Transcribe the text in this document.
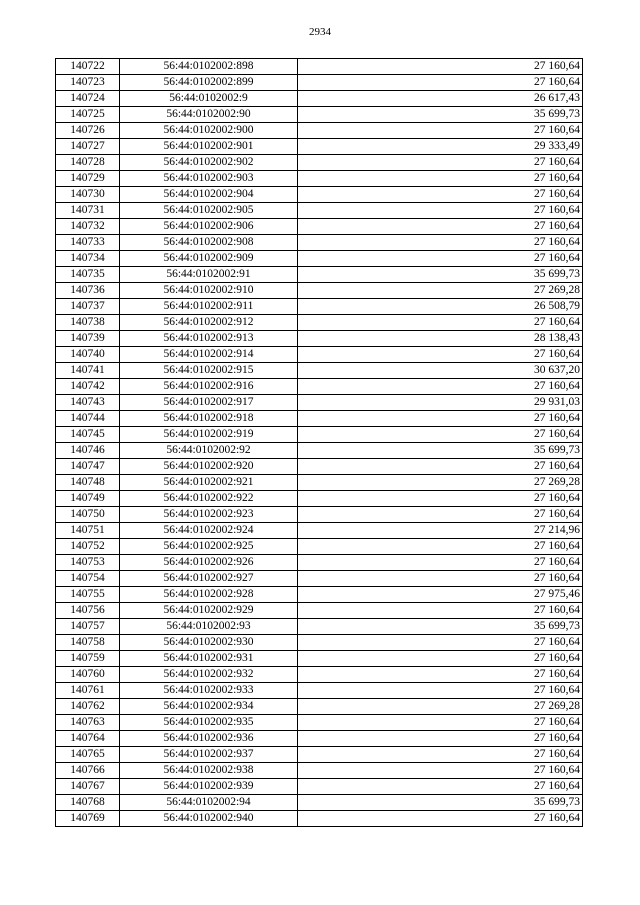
2934
140722	56:44:0102002:898	27 160,64
140723	56:44:0102002:899	27 160,64
140724	56:44:0102002:9	26 617,43
140725	56:44:0102002:90	35 699,73
140726	56:44:0102002:900	27 160,64
140727	56:44:0102002:901	29 333,49
140728	56:44:0102002:902	27 160,64
140729	56:44:0102002:903	27 160,64
140730	56:44:0102002:904	27 160,64
140731	56:44:0102002:905	27 160,64
140732	56:44:0102002:906	27 160,64
140733	56:44:0102002:908	27 160,64
140734	56:44:0102002:909	27 160,64
140735	56:44:0102002:91	35 699,73
140736	56:44:0102002:910	27 269,28
140737	56:44:0102002:911	26 508,79
140738	56:44:0102002:912	27 160,64
140739	56:44:0102002:913	28 138,43
140740	56:44:0102002:914	27 160,64
140741	56:44:0102002:915	30 637,20
140742	56:44:0102002:916	27 160,64
140743	56:44:0102002:917	29 931,03
140744	56:44:0102002:918	27 160,64
140745	56:44:0102002:919	27 160,64
140746	56:44:0102002:92	35 699,73
140747	56:44:0102002:920	27 160,64
140748	56:44:0102002:921	27 269,28
140749	56:44:0102002:922	27 160,64
140750	56:44:0102002:923	27 160,64
140751	56:44:0102002:924	27 214,96
140752	56:44:0102002:925	27 160,64
140753	56:44:0102002:926	27 160,64
140754	56:44:0102002:927	27 160,64
140755	56:44:0102002:928	27 975,46
140756	56:44:0102002:929	27 160,64
140757	56:44:0102002:93	35 699,73
140758	56:44:0102002:930	27 160,64
140759	56:44:0102002:931	27 160,64
140760	56:44:0102002:932	27 160,64
140761	56:44:0102002:933	27 160,64
140762	56:44:0102002:934	27 269,28
140763	56:44:0102002:935	27 160,64
140764	56:44:0102002:936	27 160,64
140765	56:44:0102002:937	27 160,64
140766	56:44:0102002:938	27 160,64
140767	56:44:0102002:939	27 160,64
140768	56:44:0102002:94	35 699,73
140769	56:44:0102002:940	27 160,64
